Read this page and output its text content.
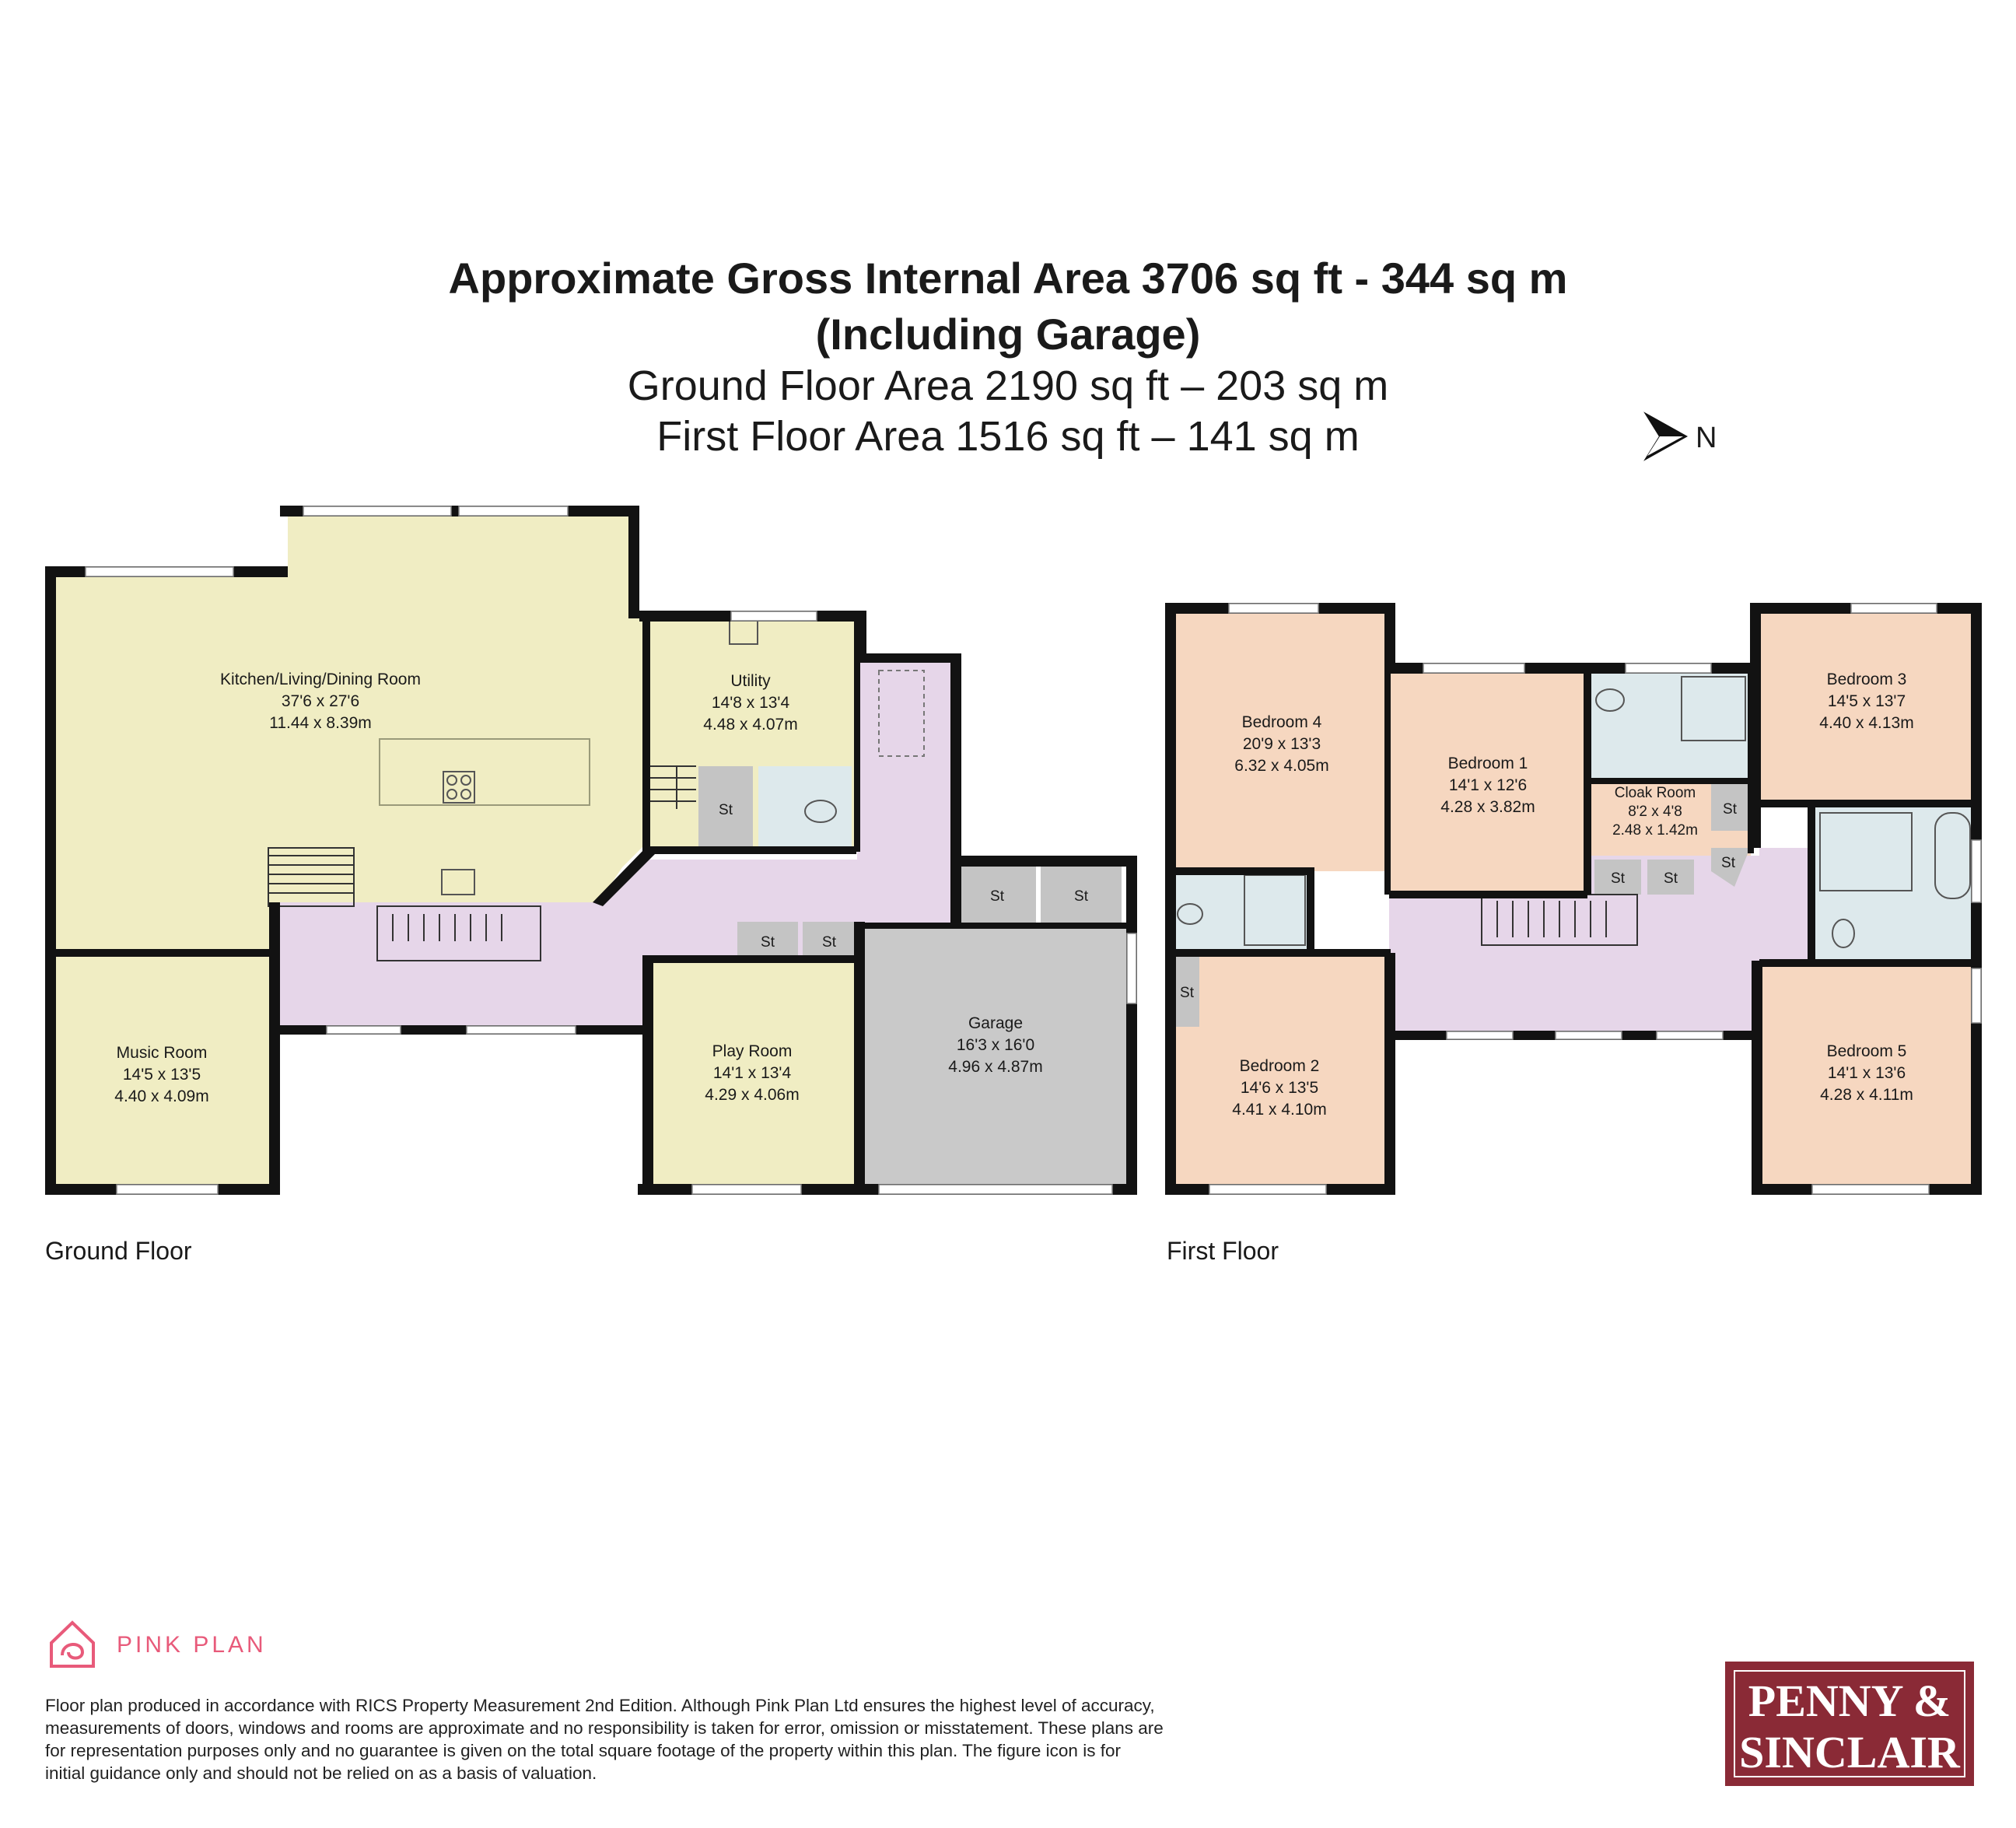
Approximate Gross Internal Area 3706 sq ft - 344 sq m
(Including Garage)
Ground Floor Area 2190 sq ft – 203 sq m
First Floor Area 1516 sq ft – 141 sq m	N
Kitchen/Living/Dining Room
37'6 x 27'6
11.44 x 8.39m
Utility
14'8 x 13'4
4.48 x 4.07m
Music Room
14'5 x 13'5
4.40 x 4.09m
Play Room
14'1 x 13'4
4.29 x 4.06m
Garage
16'3 x 16'0
4.96 x 4.87m
St
St	St
St	St
Bedroom 4
20'9 x 13'3
6.32 x 4.05m	Bedroom 1
14'1 x 12'6
4.28 x 3.82m
Bedroom 3
14'5 x 13'7
4.40 x 4.13m
Cloak Room
8'2 x 4'8
2.48 x 1.42m
Bedroom 2
14'6 x 13'5
4.41 x 4.10m
Bedroom 5
14'1 x 13'6
4.28 x 4.11m
St
St	St
St
St
Ground Floor	First Floor
PINK PLAN
Floor plan produced in accordance with RICS Property Measurement 2nd Edition. Although Pink Plan Ltd ensures the highest level of accuracy, measurements of doors, windows and rooms are approximate and no responsibility is taken for error, omission or misstatement. These plans are for representation purposes only and no guarantee is given on the total square footage of the property within this plan. The figure icon is for initial guidance only and should not be relied on as a basis of valuation.
PENNY &
SINCLAIR
